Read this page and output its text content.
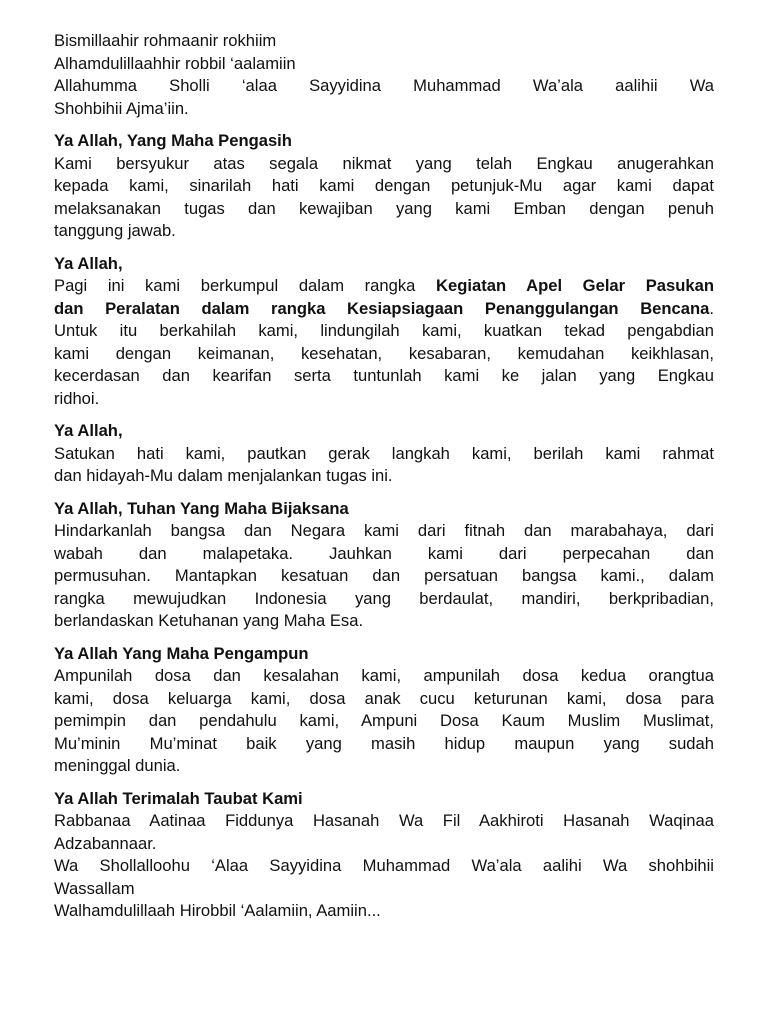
Bismillaahir rohmaanir rokhiim
Alhamdulillaahhir robbil ‘aalamiin
Allahumma Sholli ‘alaa Sayyidina Muhammad Wa’ala aalihii Wa
Shohbihii Ajma’iin.
Ya Allah, Yang Maha Pengasih
Kami bersyukur atas segala nikmat yang telah Engkau anugerahkan
kepada kami, sinarilah hati kami dengan petunjuk-Mu agar kami dapat
melaksanakan tugas dan kewajiban yang kami Emban dengan penuh
tanggung jawab.
Ya Allah,
Pagi ini kami berkumpul dalam rangka Kegiatan Apel Gelar Pasukan
dan Peralatan dalam rangka Kesiapsiagaan Penanggulangan Bencana.
Untuk itu berkahilah kami, lindungilah kami, kuatkan tekad pengabdian
kami dengan keimanan, kesehatan, kesabaran, kemudahan keikhlasan,
kecerdasan dan kearifan serta tuntunlah kami ke jalan yang Engkau
ridhoi.
Ya Allah,
Satukan hati kami, pautkan gerak langkah kami, berilah kami rahmat
dan hidayah-Mu dalam menjalankan tugas ini.
Ya Allah, Tuhan Yang Maha Bijaksana
Hindarkanlah bangsa dan Negara kami dari fitnah dan marabahaya, dari
wabah dan malapetaka. Jauhkan kami dari perpecahan dan
permusuhan. Mantapkan kesatuan dan persatuan bangsa kami., dalam
rangka mewujudkan Indonesia yang berdaulat, mandiri, berkpribadian,
berlandaskan Ketuhanan yang Maha Esa.
Ya Allah Yang Maha Pengampun
Ampunilah dosa dan kesalahan kami, ampunilah dosa kedua orangtua
kami, dosa keluarga kami, dosa anak cucu keturunan kami, dosa para
pemimpin dan pendahulu kami, Ampuni Dosa Kaum Muslim Muslimat,
Mu’minin Mu’minat baik yang masih hidup maupun yang sudah
meninggal dunia.
Ya Allah Terimalah Taubat Kami
Rabbanaa Aatinaa Fiddunya Hasanah Wa Fil Aakhiroti Hasanah Waqinaa
Adzabannaar.
Wa Shollalloohu ‘Alaa Sayyidina Muhammad Wa’ala aalihi Wa shohbihii
Wassallam
Walhamdulillaah Hirobbil ‘Aalamiin, Aamiin...
